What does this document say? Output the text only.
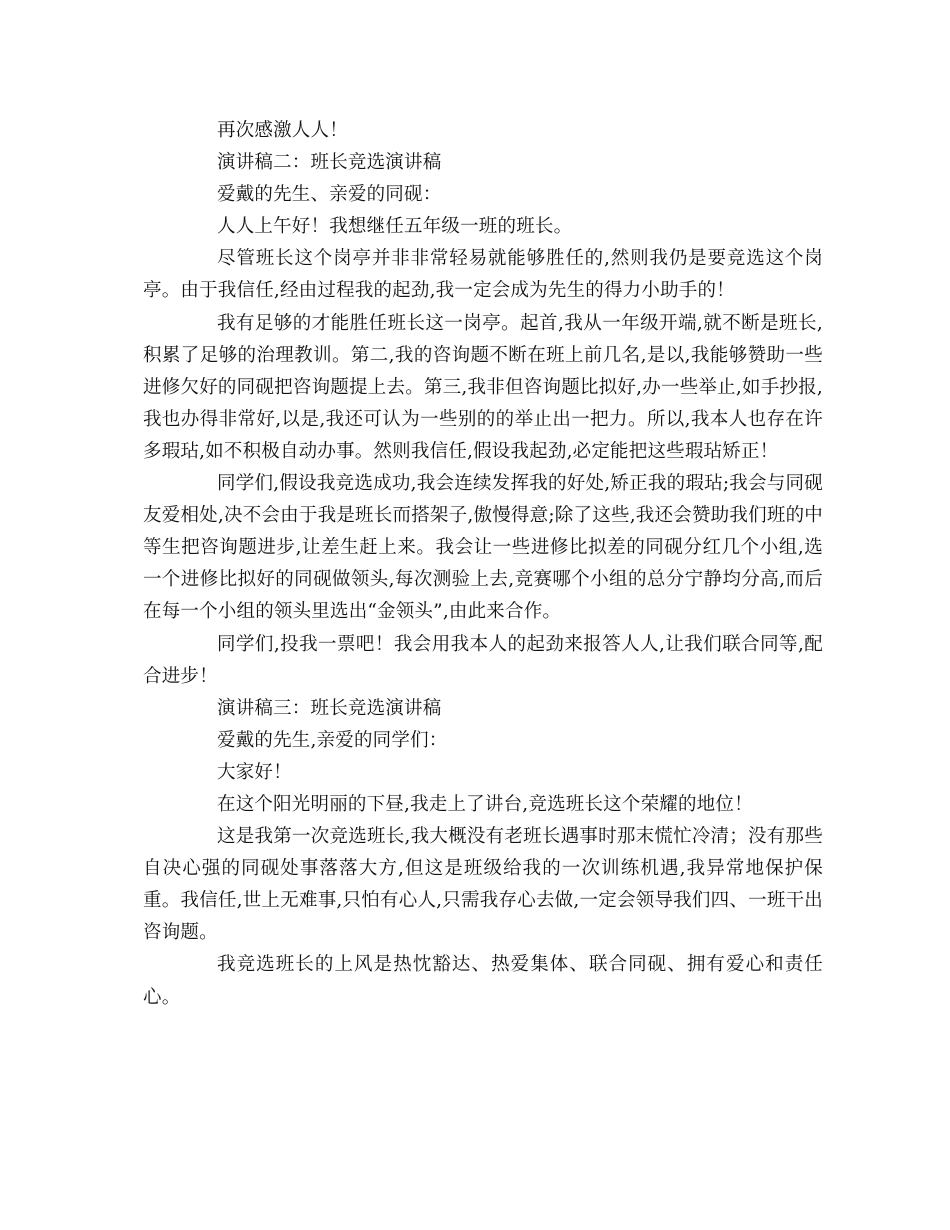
再次感激人人！

演讲稿二：班长竞选演讲稿

爱戴的先生、亲爱的同砚：

人人上午好！我想继任五年级一班的班长。

尽管班长这个岗亭并非非常轻易就能够胜任的,然则我仍是要竞选这个岗亭。由于我信任,经由过程我的起劲,我一定会成为先生的得力小助手的！

我有足够的才能胜任班长这一岗亭。起首,我从一年级开端,就不断是班长,积累了足够的治理教训。第二,我的咨询题不断在班上前几名,是以,我能够赞助一些进修欠好的同砚把咨询题提上去。第三,我非但咨询题比拟好,办一些举止,如手抄报,我也办得非常好,以是,我还可认为一些别的的举止出一把力。所以,我本人也存在许多瑕玷,如不积极自动办事。然则我信任,假设我起劲,必定能把这些瑕玷矫正！

同学们,假设我竞选成功,我会连续发挥我的好处,矫正我的瑕玷;我会与同砚友爱相处,决不会由于我是班长而搭架子,傲慢得意;除了这些,我还会赞助我们班的中等生把咨询题进步,让差生赶上来。我会让一些进修比拟差的同砚分红几个小组,选一个进修比拟好的同砚做领头,每次测验上去,竞赛哪个小组的总分宁静均分高,而后在每一个小组的领头里选出“金领头”,由此来合作。

同学们,投我一票吧！我会用我本人的起劲来报答人人,让我们联合同等,配合进步！

演讲稿三：班长竞选演讲稿

爱戴的先生,亲爱的同学们：

大家好！

在这个阳光明丽的下昼,我走上了讲台,竞选班长这个荣耀的地位！

这是我第一次竞选班长,我大概没有老班长遇事时那末慌忙冷清；没有那些自决心强的同砚处事落落大方,但这是班级给我的一次训练机遇,我异常地保护保重。我信任,世上无难事,只怕有心人,只需我存心去做,一定会领导我们四、一班干出咨询题。

我竞选班长的上风是热忱豁达、热爱集体、联合同砚、拥有爱心和责任心。
